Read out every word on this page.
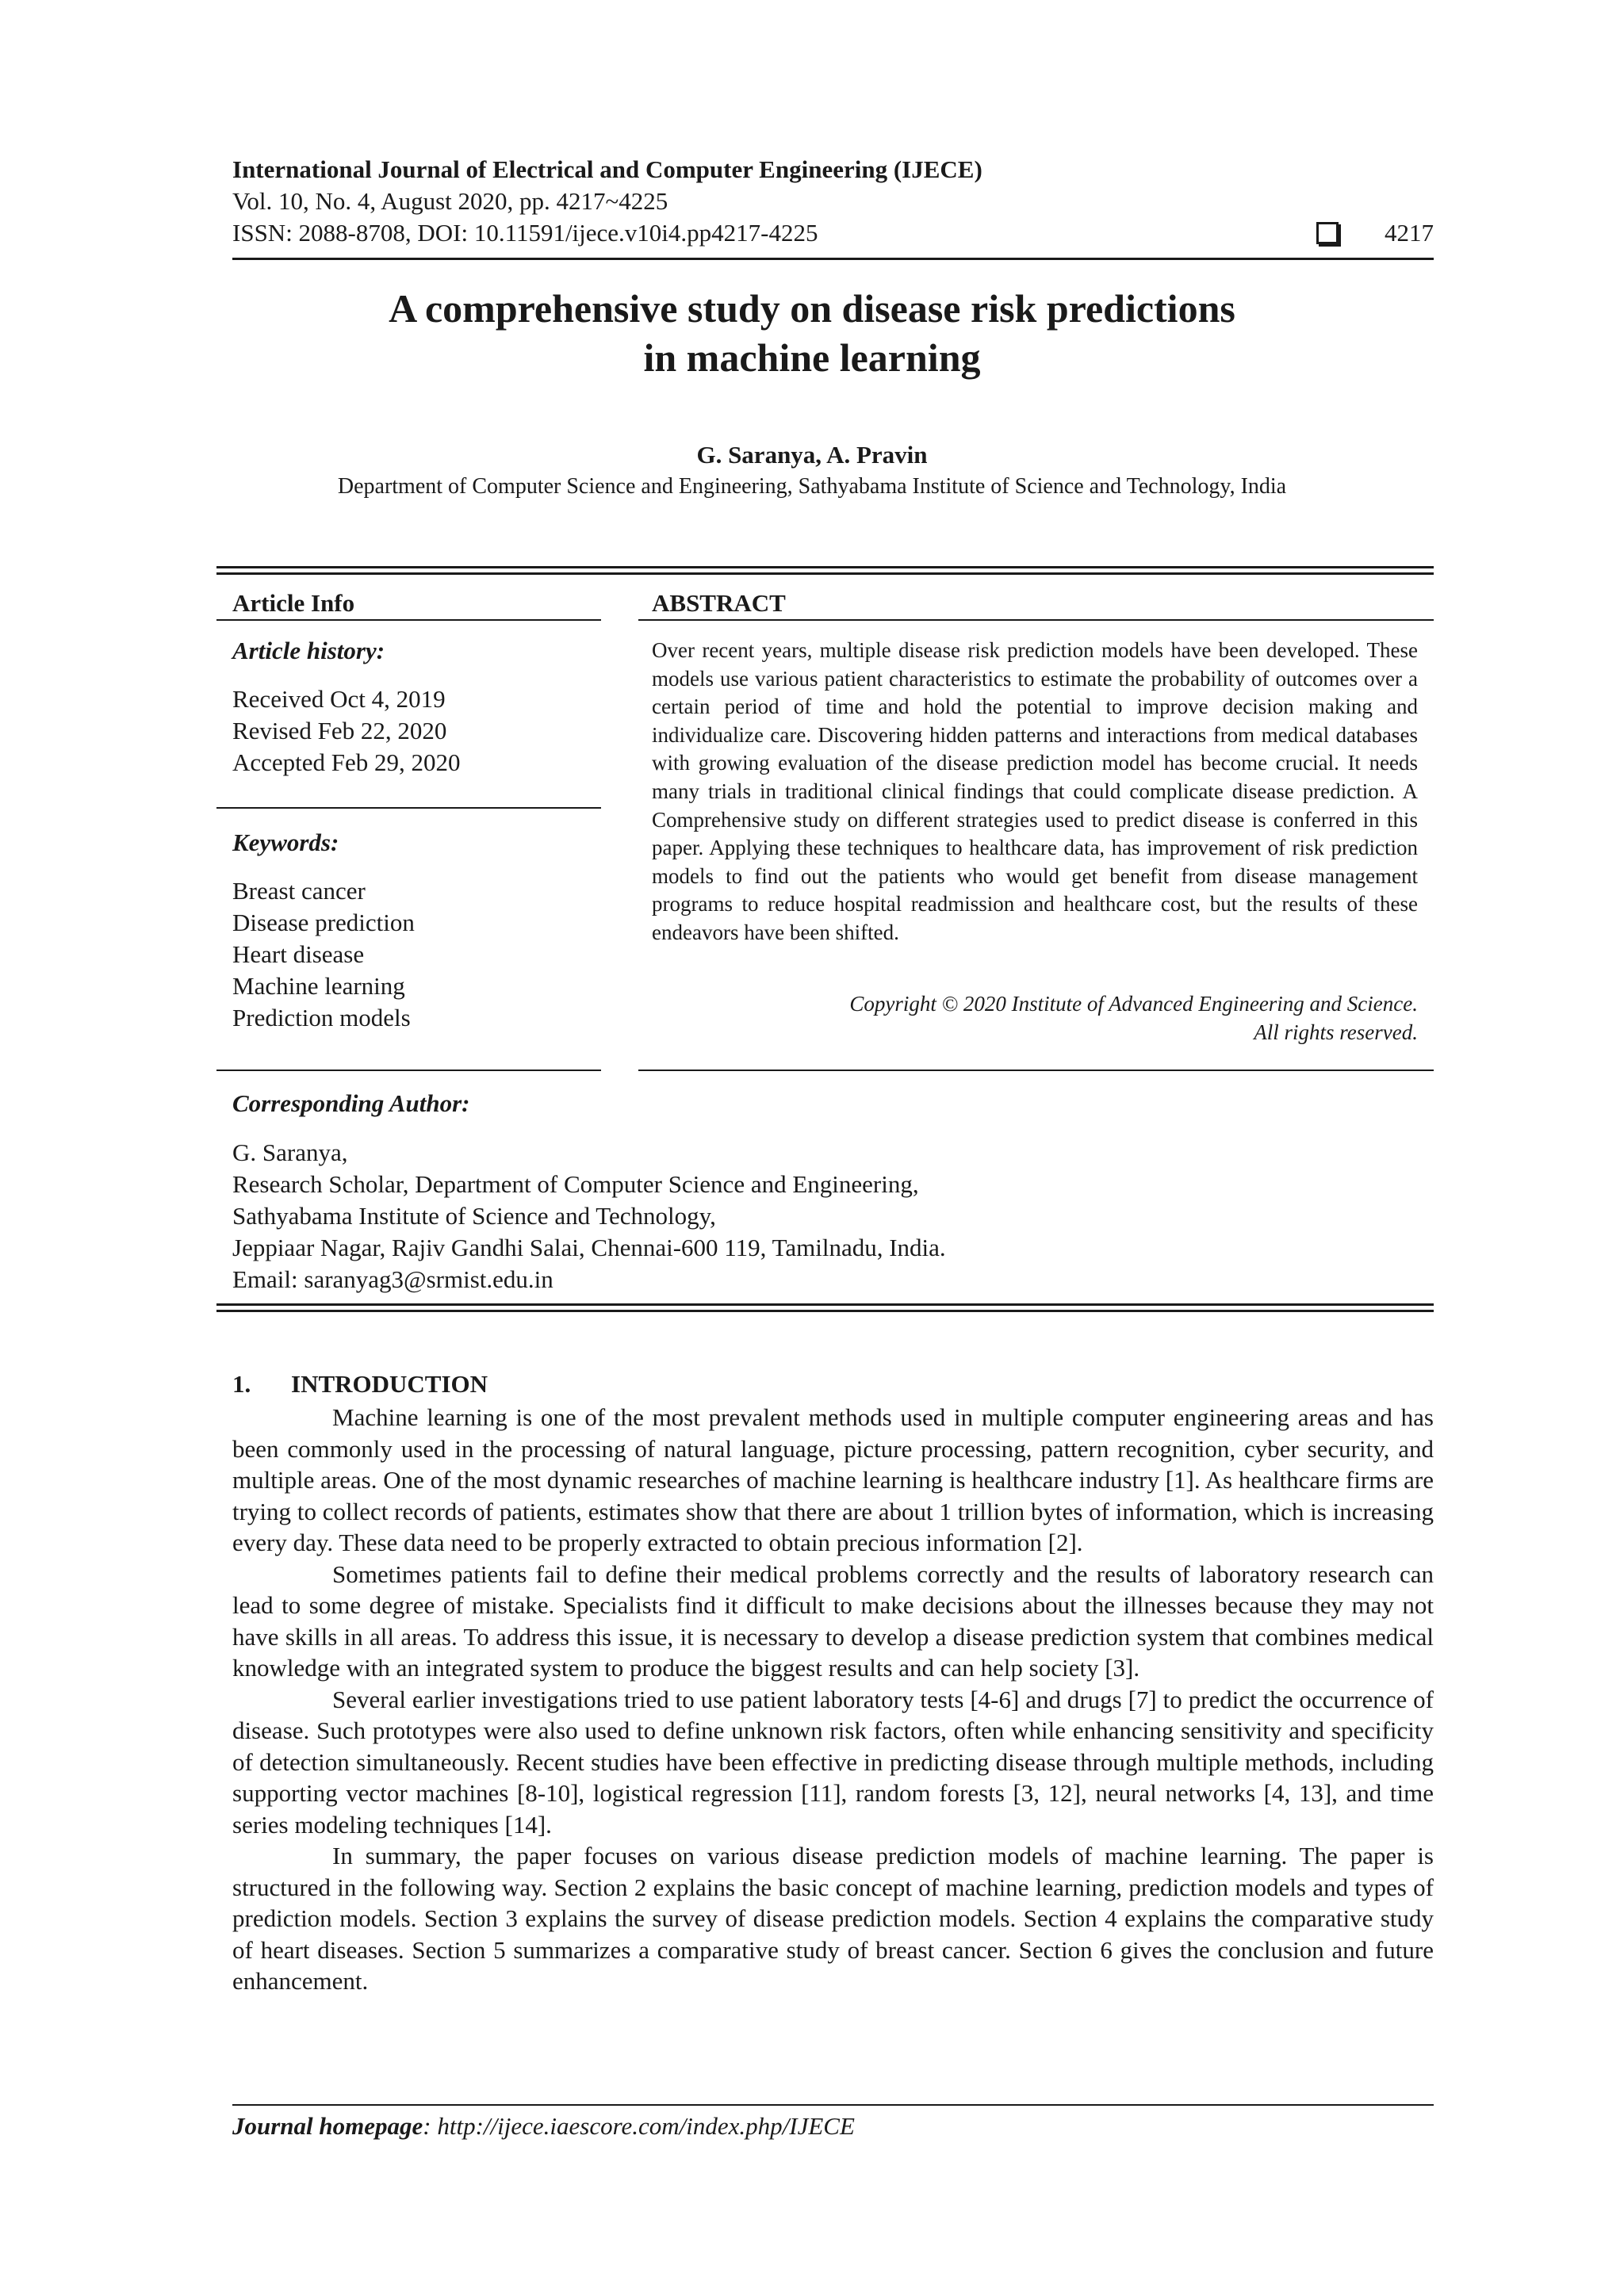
International Journal of Electrical and Computer Engineering (IJECE)
Vol. 10, No. 4, August 2020, pp. 4217~4225
ISSN: 2088-8708, DOI: 10.11591/ijece.v10i4.pp4217-4225	4217
A comprehensive study on disease risk predictions
in machine learning
G. Saranya, A. Pravin
Department of Computer Science and Engineering, Sathyabama Institute of Science and Technology, India
Article Info
Article history:
Received Oct 4, 2019
Revised Feb 22, 2020
Accepted Feb 29, 2020
Keywords:
Breast cancer
Disease prediction
Heart disease
Machine learning
Prediction models
ABSTRACT
Over recent years, multiple disease risk prediction models have been developed. These models use various patient characteristics to estimate the probability of outcomes over a certain period of time and hold the potential to improve decision making and individualize care. Discovering hidden patterns and interactions from medical databases with growing evaluation of the disease prediction model has become crucial. It needs many trials in traditional clinical findings that could complicate disease prediction. A Comprehensive study on different strategies used to predict disease is conferred in this paper. Applying these techniques to healthcare data, has improvement of risk prediction models to find out the patients who would get benefit from disease management programs to reduce hospital readmission and healthcare cost, but the results of these endeavors have been shifted.
Copyright © 2020 Institute of Advanced Engineering and Science.
All rights reserved.
Corresponding Author:
G. Saranya,
Research Scholar, Department of Computer Science and Engineering,
Sathyabama Institute of Science and Technology,
Jeppiaar Nagar, Rajiv Gandhi Salai, Chennai-600 119, Tamilnadu, India.
Email: saranyag3@srmist.edu.in
1. INTRODUCTION

Machine learning is one of the most prevalent methods used in multiple computer engineering areas and has been commonly used in the processing of natural language, picture processing, pattern recognition, cyber security, and multiple areas. One of the most dynamic researches of machine learning is healthcare industry [1]. As healthcare firms are trying to collect records of patients, estimates show that there are about 1 trillion bytes of information, which is increasing every day. These data need to be properly extracted to obtain precious information [2].

Sometimes patients fail to define their medical problems correctly and the results of laboratory research can lead to some degree of mistake. Specialists find it difficult to make decisions about the illnesses because they may not have skills in all areas. To address this issue, it is necessary to develop a disease prediction system that combines medical knowledge with an integrated system to produce the biggest results and can help society [3].

Several earlier investigations tried to use patient laboratory tests [4-6] and drugs [7] to predict the occurrence of disease. Such prototypes were also used to define unknown risk factors, often while enhancing sensitivity and specificity of detection simultaneously. Recent studies have been effective in predicting disease through multiple methods, including supporting vector machines [8-10], logistical regression [11], random forests [3, 12], neural networks [4, 13], and time series modeling techniques [14].

In summary, the paper focuses on various disease prediction models of machine learning. The paper is structured in the following way. Section 2 explains the basic concept of machine learning, prediction models and types of prediction models. Section 3 explains the survey of disease prediction models. Section 4 explains the comparative study of heart diseases. Section 5 summarizes a comparative study of breast cancer. Section 6 gives the conclusion and future enhancement.

Journal homepage: http://ijece.iaescore.com/index.php/IJECE
